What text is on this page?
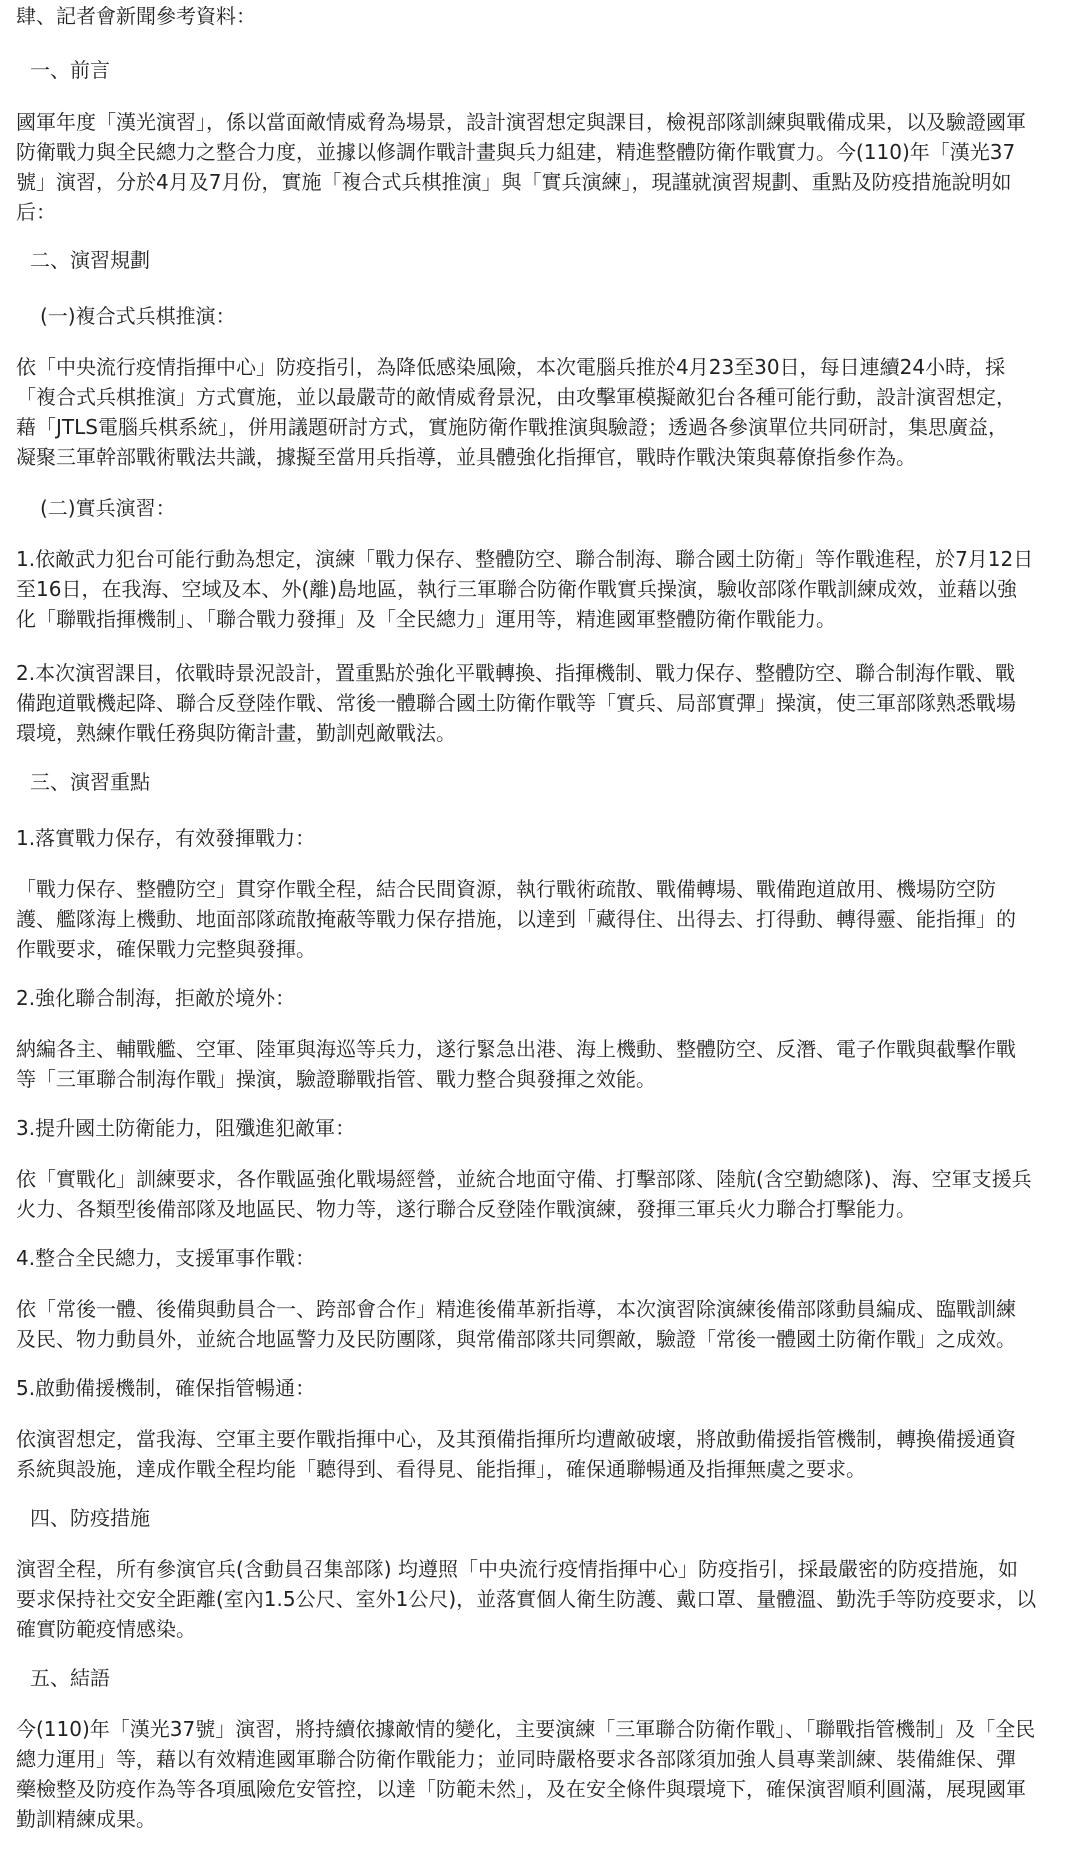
肆、記者會新聞參考資料：
一、前言
國軍年度「漢光演習」，係以當面敵情威脅為場景，設計演習想定與課目，檢視部隊訓練與戰備成果，以及驗證國軍
防衛戰力與全民總力之整合力度，並據以修調作戰計畫與兵力組建，精進整體防衛作戰實力。今(110)年「漢光37
號」演習，分於4月及7月份，實施「複合式兵棋推演」與「實兵演練」，現謹就演習規劃、重點及防疫措施說明如
后：
二、演習規劃
(一)複合式兵棋推演：
依「中央流行疫情指揮中心」防疫指引，為降低感染風險，本次電腦兵推於4月23至30日，每日連續24小時，採
「複合式兵棋推演」方式實施，並以最嚴苛的敵情威脅景況，由攻擊軍模擬敵犯台各種可能行動，設計演習想定，
藉「JTLS電腦兵棋系統」，併用議題研討方式，實施防衛作戰推演與驗證；透過各參演單位共同研討，集思廣益，
凝聚三軍幹部戰術戰法共識，據擬至當用兵指導，並具體強化指揮官，戰時作戰決策與幕僚指參作為。
(二)實兵演習：
1.依敵武力犯台可能行動為想定，演練「戰力保存、整體防空、聯合制海、聯合國土防衛」等作戰進程，於7月12日
至16日，在我海、空域及本、外(離)島地區，執行三軍聯合防衛作戰實兵操演，驗收部隊作戰訓練成效，並藉以強
化「聯戰指揮機制」、「聯合戰力發揮」及「全民總力」運用等，精進國軍整體防衛作戰能力。
2.本次演習課目，依戰時景況設計，置重點於強化平戰轉換、指揮機制、戰力保存、整體防空、聯合制海作戰、戰
備跑道戰機起降、聯合反登陸作戰、常後一體聯合國土防衛作戰等「實兵、局部實彈」操演，使三軍部隊熟悉戰場
環境，熟練作戰任務與防衛計畫，勤訓剋敵戰法。
三、演習重點
1.落實戰力保存，有效發揮戰力：
「戰力保存、整體防空」貫穿作戰全程，結合民間資源，執行戰術疏散、戰備轉場、戰備跑道啟用、機場防空防
護、艦隊海上機動、地面部隊疏散掩蔽等戰力保存措施，以達到「藏得住、出得去、打得動、轉得靈、能指揮」的
作戰要求，確保戰力完整與發揮。
2.強化聯合制海，拒敵於境外：
納編各主、輔戰艦、空軍、陸軍與海巡等兵力，遂行緊急出港、海上機動、整體防空、反潛、電子作戰與截擊作戰
等「三軍聯合制海作戰」操演，驗證聯戰指管、戰力整合與發揮之效能。
3.提升國土防衛能力，阻殲進犯敵軍：
依「實戰化」訓練要求，各作戰區強化戰場經營，並統合地面守備、打擊部隊、陸航(含空勤總隊)、海、空軍支援兵
火力、各類型後備部隊及地區民、物力等，遂行聯合反登陸作戰演練，發揮三軍兵火力聯合打擊能力。
4.整合全民總力，支援軍事作戰：
依「常後一體、後備與動員合一、跨部會合作」精進後備革新指導，本次演習除演練後備部隊動員編成、臨戰訓練
及民、物力動員外，並統合地區警力及民防團隊，與常備部隊共同禦敵，驗證「常後一體國土防衛作戰」之成效。
5.啟動備援機制，確保指管暢通：
依演習想定，當我海、空軍主要作戰指揮中心，及其預備指揮所均遭敵破壞，將啟動備援指管機制，轉換備援通資
系統與設施，達成作戰全程均能「聽得到、看得見、能指揮」，確保通聯暢通及指揮無虞之要求。
四、防疫措施
演習全程，所有參演官兵(含動員召集部隊) 均遵照「中央流行疫情指揮中心」防疫指引，採最嚴密的防疫措施，如
要求保持社交安全距離(室內1.5公尺、室外1公尺)，並落實個人衛生防護、戴口罩、量體溫、勤洗手等防疫要求，以
確實防範疫情感染。
五、結語
今(110)年「漢光37號」演習，將持續依據敵情的變化，主要演練「三軍聯合防衛作戰」、「聯戰指管機制」及「全民
總力運用」等，藉以有效精進國軍聯合防衛作戰能力；並同時嚴格要求各部隊須加強人員專業訓練、裝備維保、彈
藥檢整及防疫作為等各項風險危安管控，以達「防範未然」，及在安全條件與環境下，確保演習順利圓滿，展現國軍
勤訓精練成果。
